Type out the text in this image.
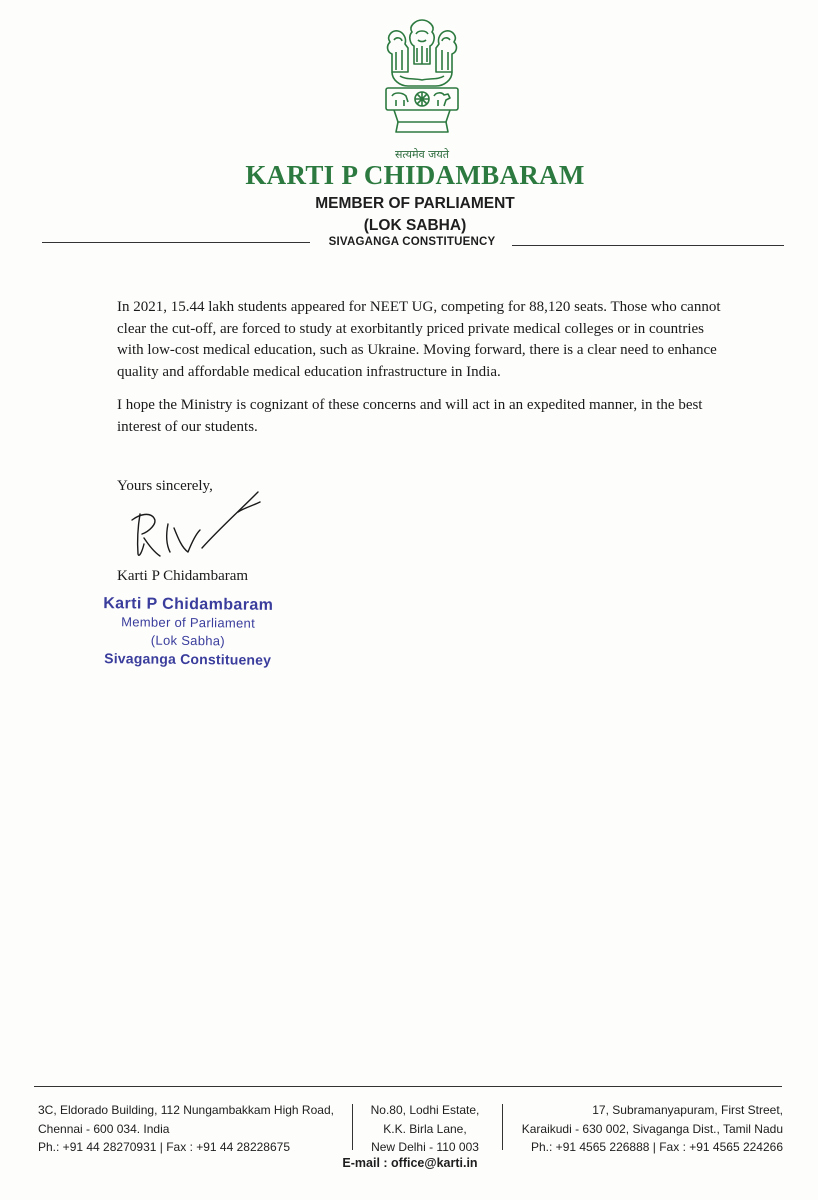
सत्यमेव जयते
KARTI P CHIDAMBARAM
MEMBER OF PARLIAMENT
(LOK SABHA)
SIVAGANGA CONSTITUENCY

In 2021, 15.44 lakh students appeared for NEET UG, competing for 88,120 seats. Those who cannot clear the cut-off, are forced to study at exorbitantly priced private medical colleges or in countries with low-cost medical education, such as Ukraine. Moving forward, there is a clear need to enhance quality and affordable medical education infrastructure in India.

I hope the Ministry is cognizant of these concerns and will act in an expedited manner, in the best interest of our students.

Yours sincerely,
Karti P Chidambaram
Karti P Chidambaram
Member of Parliament
(Lok Sabha)
Sivaganga Constitueney
3C, Eldorado Building, 112 Nungambakkam High Road,
Chennai - 600 034. India
Ph.: +91 44 28270931 | Fax : +91 44 28228675
No.80, Lodhi Estate,
K.K. Birla Lane,
New Delhi - 110 003
17, Subramanyapuram, First Street,
Karaikudi - 630 002, Sivaganga Dist., Tamil Nadu
Ph.: +91 4565 226888 | Fax : +91 4565 224266
E-mail : office@karti.in
